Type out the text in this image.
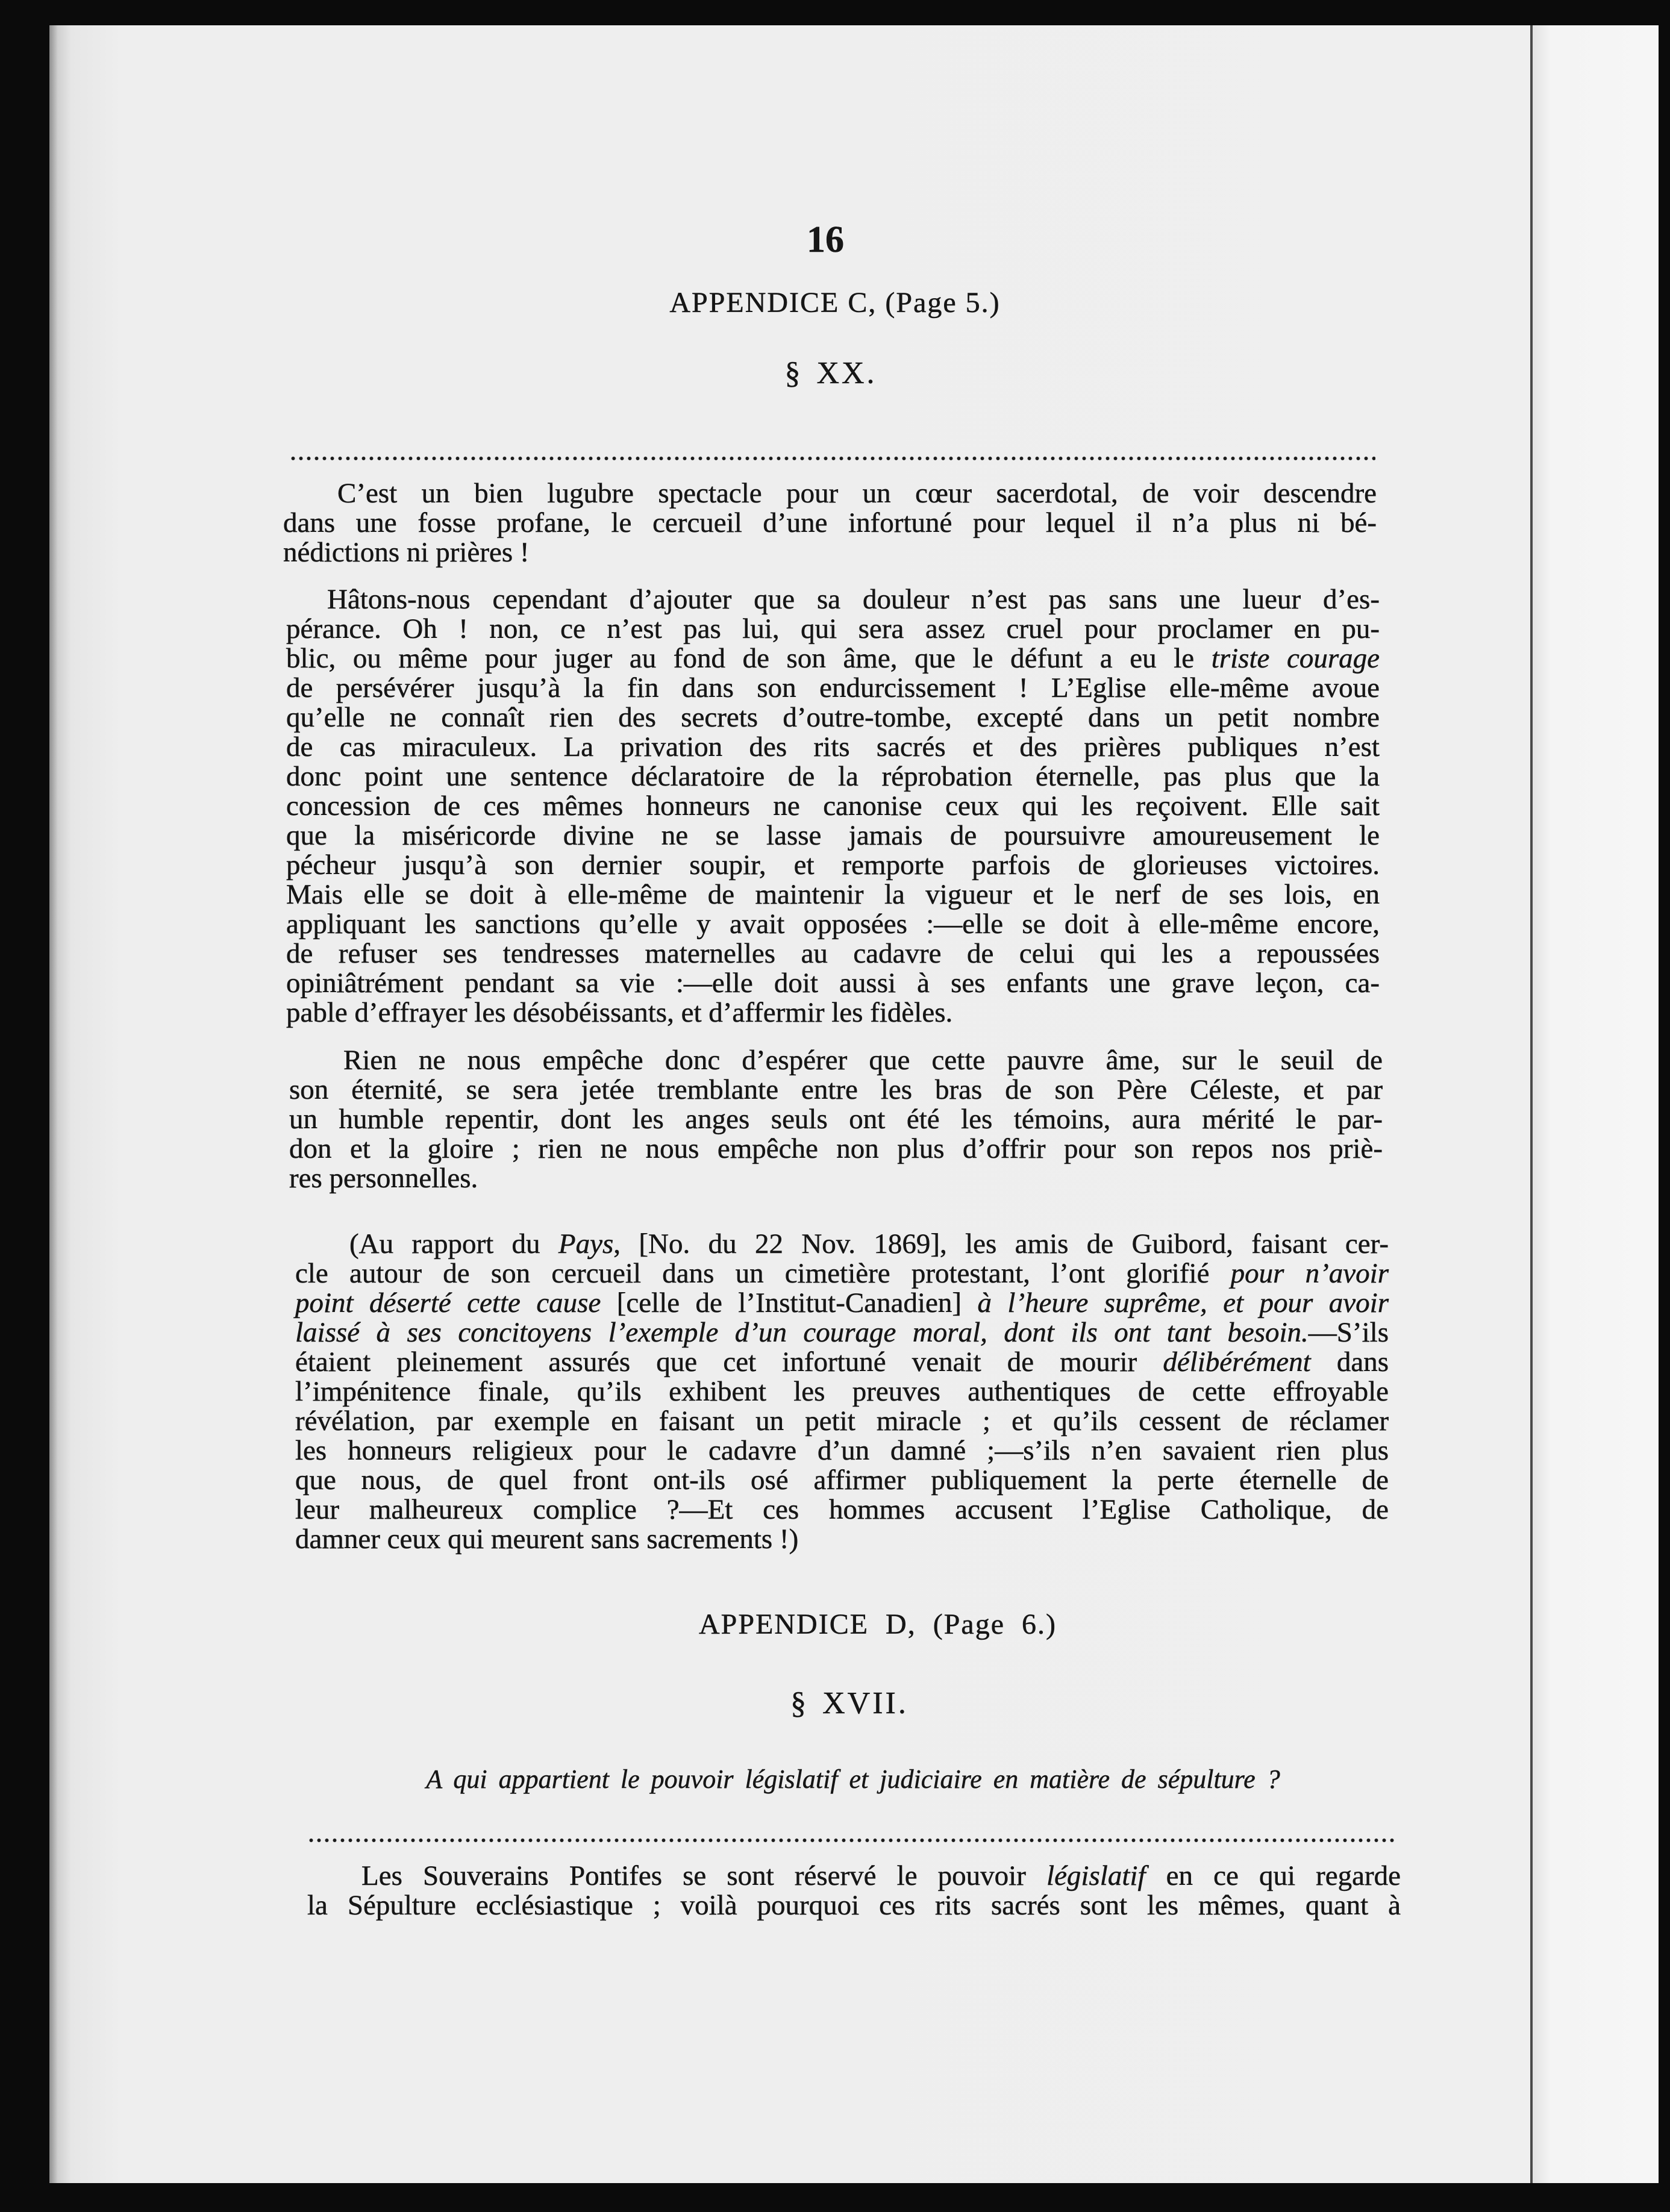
16
APPENDICE C, (Page 5.)
§ XX.
C’est un bien lugubre spectacle pour un cœur sacerdotal, de voir descendre
dans une fosse profane, le cercueil d’une infortuné pour lequel il n’a plus ni bé-
nédictions ni prières !
Hâtons-nous cependant d’ajouter que sa douleur n’est pas sans une lueur d’es-
pérance. Oh ! non, ce n’est pas lui, qui sera assez cruel pour proclamer en pu-
blic, ou même pour juger au fond de son âme, que le défunt a eu le triste courage
de persévérer jusqu’à la fin dans son endurcissement ! L’Eglise elle-même avoue
qu’elle ne connaît rien des secrets d’outre-tombe, excepté dans un petit nombre
de cas miraculeux. La privation des rits sacrés et des prières publiques n’est
donc point une sentence déclaratoire de la réprobation éternelle, pas plus que la
concession de ces mêmes honneurs ne canonise ceux qui les reçoivent. Elle sait
que la miséricorde divine ne se lasse jamais de poursuivre amoureusement le
pécheur jusqu’à son dernier soupir, et remporte parfois de glorieuses victoires.
Mais elle se doit à elle-même de maintenir la vigueur et le nerf de ses lois, en
appliquant les sanctions qu’elle y avait opposées :—elle se doit à elle-même encore,
de refuser ses tendresses maternelles au cadavre de celui qui les a repoussées
opiniâtrément pendant sa vie :—elle doit aussi à ses enfants une grave leçon, ca-
pable d’effrayer les désobéissants, et d’affermir les fidèles.
Rien ne nous empêche donc d’espérer que cette pauvre âme, sur le seuil de
son éternité, se sera jetée tremblante entre les bras de son Père Céleste, et par
un humble repentir, dont les anges seuls ont été les témoins, aura mérité le par-
don et la gloire ; rien ne nous empêche non plus d’offrir pour son repos nos priè-
res personnelles.
(Au rapport du Pays, [No. du 22 Nov. 1869], les amis de Guibord, faisant cer-
cle autour de son cercueil dans un cimetière protestant, l’ont glorifié pour n’avoir
point déserté cette cause [celle de l’Institut-Canadien] à l’heure suprême, et pour avoir
laissé à ses concitoyens l’exemple d’un courage moral, dont ils ont tant besoin.—S’ils
étaient pleinement assurés que cet infortuné venait de mourir délibérément dans
l’impénitence finale, qu’ils exhibent les preuves authentiques de cette effroyable
révélation, par exemple en faisant un petit miracle ; et qu’ils cessent de réclamer
les honneurs religieux pour le cadavre d’un damné ;—s’ils n’en savaient rien plus
que nous, de quel front ont-ils osé affirmer publiquement la perte éternelle de
leur malheureux complice ?—Et ces hommes accusent l’Eglise Catholique, de
damner ceux qui meurent sans sacrements !)
APPENDICE D, (Page 6.)
§ XVII.
A qui appartient le pouvoir législatif et judiciaire en matière de sépulture ?
Les Souverains Pontifes se sont réservé le pouvoir législatif en ce qui regarde
la Sépulture ecclésiastique ; voilà pourquoi ces rits sacrés sont les mêmes, quant à
